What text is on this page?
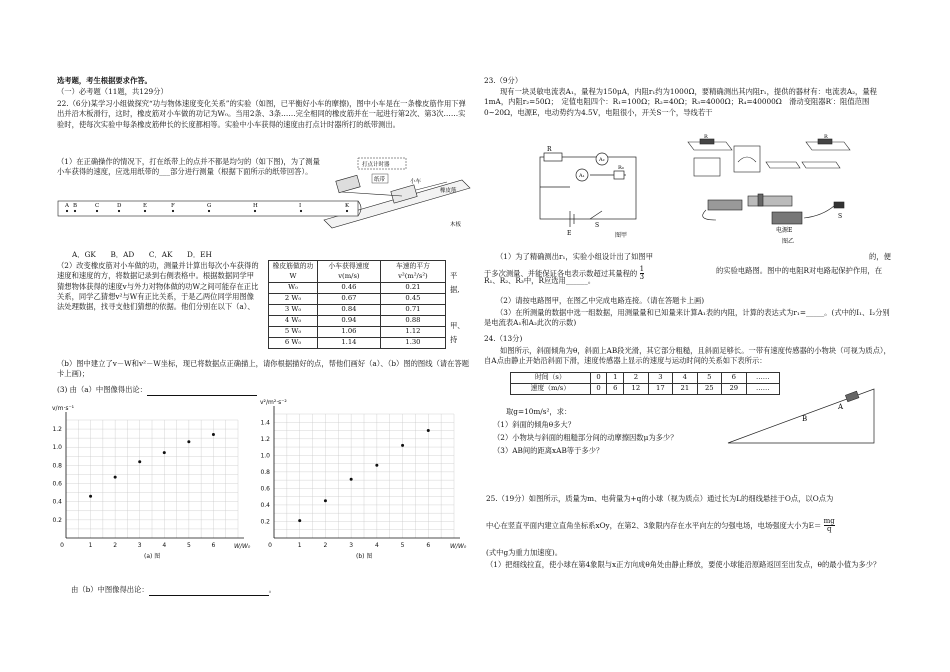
选考题，考生根据要求作答。
（一）必考题（11题，共129分）
22.（6分)某学习小组做探究“功与物体速度变化关系”的实验（如图，已平衡好小车的摩擦)，图中小车是在一条橡皮筋作用下弹出并沿木板滑行，这时，橡皮筋对小车做的功记为W₀。当用2条、3条……完全相同的橡皮筋并在一起进行第2次、第3次……实验时，使每次实验中每条橡皮筋伸长的长度都相等。实验中小车获得的速度由打点计时器所打的纸带测出。
（1）在正确操作的情况下，打在纸带上的点并不都是均匀的（如下图)，为了测量小车获得的速度，应选用纸带的___部分进行测量（根据下面所示的纸带回答）。
打点计时器
纸带	小车
橡皮筋
木板
A B	C	D	E	F	G	H	I	K
A．GK　　B．AD　　C．AK　　D．EH
（2）改变橡皮筋对小车做的功，测量并计算出每次小车获得的速度和速度的方，将数据记录到右侧表格中。根据数据同学甲猜想物体获得的速度v与外力对物体做的功W之间可能存在正比关系，同学乙猜想v²与W有正比关系，于是乙两位同学用图像法处理数据，找寻支他们猜想的依据。他们分别在以下（a）、
平
据,
甲、
持
橡皮筋做的功W	小车获得速度v(m/s)	车速的平方v²(m²/s²)
W₀	0.46	0.21
2 W₀	0.67	0.45
3 W₀	0.84	0.71
4 W₀	0.94	0.88
5 W₀	1.06	1.12
6 W₀	1.14	1.30
（b）图中建立了v－W和v²－W坐标，现已将数据点正确描上，请你根据描好的点，帮他们画好（a）、（b）图的图线（请在答题卡上画)；
(3) 由（a）中图像得出论：
0.2
0.4
0.6
0.8
1.0
1.2
1	2	3	4	5	6
0
v/m·s⁻¹
W/W₀
(a) 图
0.2
0.4
0.6
0.8
1.0
1.2
1.4
1	2	3	4	5	6
0
v²/m²·s⁻²
W/W₀
(b) 图
由（b）中图像得出论：	。
23.（9分）
现有一块灵敏电流表A₁，量程为150μA，内阻r₁约为1000Ω，要精确测出其内阻r₁，提供的器材有：电流表A₂，量程1mA，内阻r₂=50Ω；　定值电阻四个：R₁=100Ω；R₂=40Ω；R₃=4000Ω；R₄=40000Ω　滑动变阻器R′：阻值范围0~20Ω，电源E，电动势约为4.5V，电阻很小，开关S一个，导线若干
R
A₂
A₁
R₀
E
S
图甲
R	R
S
电源E
图乙
（1）为了精确测出r₁，实验小组设计出了如图甲	的，便
于多次测量、并能保证各电表示数超过其量程的 $\frac{1}{3}$	的实验电路图。图中的电阻R对电路起保护作用，在R₁、R₂、R₃中，R应选用______。
（2）请按电路图甲，在图乙中完成电路连接。（请在答题卡上画)
（3）在所测量的数据中选一组数据，用测量量和已知量来计算A₁表的内阻，计算的表达式为r₁=_____。(式中的I₁、I₂分别是电流表A₁和A₂此次的示数)
24.（13分)
如图所示，斜面倾角为θ，斜面上AB段光滑，其它部分粗糙，且斜面足够长。一带有速度传感器的小物块（可视为质点），自A点由静止开始沿斜面下滑，速度传感器上显示的速度与运动时间的关系如下表所示：
时间（s）	0	1	2	3	4	5	6	……
速度（m/s）	0	6	12	17	21	25	29	……
A
B
取g=10m/s²，求：
（1）斜面的倾角θ多大？
（2）小物块与斜面的粗糙部分间的动摩擦因数μ为多少？
（3）AB间的距离xAB等于多少？
25.（19分）如图所示，质量为m、电荷量为+q的小球（视为质点）通过长为L的细线悬挂于O点，以O点为
中心在竖直平面内建立直角坐标系xOy，在第2、3象限内存在水平向左的匀强电场，电场强度大小为$E= \frac{mg}{q}$
(式中g为重力加速度)。
（1）把细线拉直，使小球在第4象限与x正方向成θ角处由静止释放，要使小球能沿原路返回至出发点，θ的最小值为多少？
